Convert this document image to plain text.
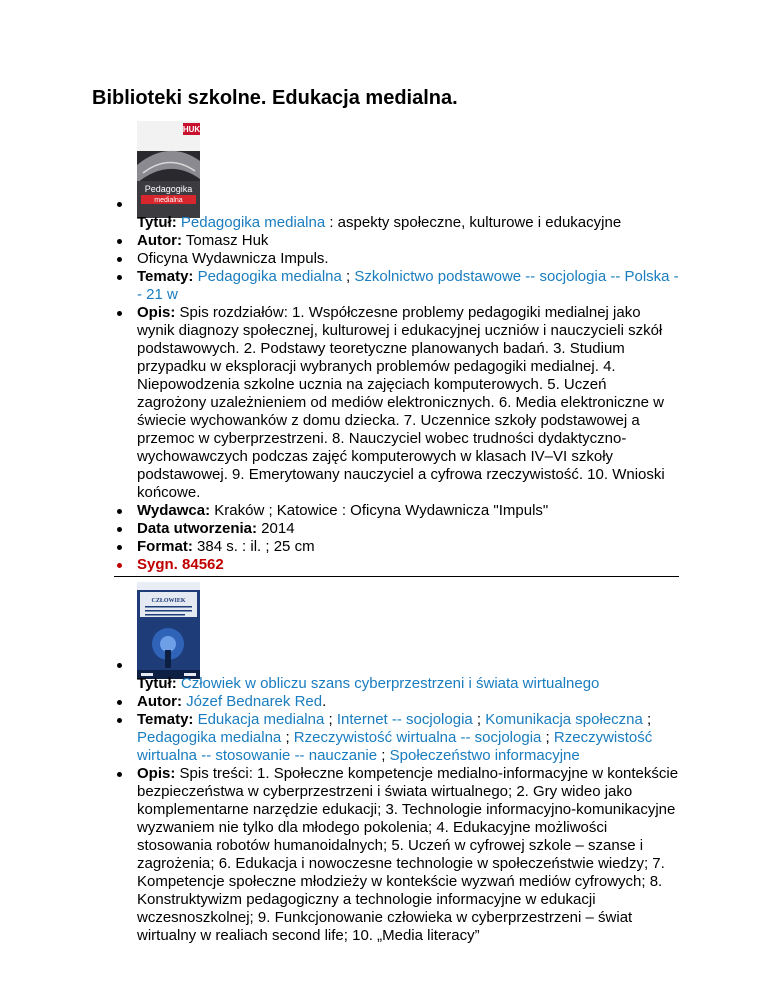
Biblioteki szkolne. Edukacja medialna.
HUK
Pedagogika
medialna
Tytuł: Pedagogika medialna : aspekty społeczne, kulturowe i edukacyjne
Autor: Tomasz Huk
Oficyna Wydawnicza Impuls.
Tematy: Pedagogika medialna ; Szkolnictwo podstawowe -- socjologia -- Polska -- 21 w
Opis: Spis rozdziałów: 1. Współczesne problemy pedagogiki medialnej jako wynik diagnozy społecznej, kulturowej i edukacyjnej uczniów i nauczycieli szkół podstawowych. 2. Podstawy teoretyczne planowanych badań. 3. Studium przypadku w eksploracji wybranych problemów pedagogiki medialnej. 4. Niepowodzenia szkolne ucznia na zajęciach komputerowych. 5. Uczeń zagrożony uzależnieniem od mediów elektronicznych. 6. Media elektroniczne w świecie wychowanków z domu dziecka. 7. Uczennice szkoły podstawowej a przemoc w cyberprzestrzeni. 8. Nauczyciel wobec trudności dydaktyczno-wychowawczych podczas zajęć komputerowych w klasach IV–VI szkoły podstawowej. 9. Emerytowany nauczyciel a cyfrowa rzeczywistość. 10. Wnioski końcowe.
Wydawca: Kraków ; Katowice : Oficyna Wydawnicza "Impuls"
Data utworzenia: 2014
Format: 384 s. : il. ; 25 cm
Sygn. 84562
CZŁOWIEK
Tytuł: Człowiek w obliczu szans cyberprzestrzeni i świata wirtualnego
Autor: Józef Bednarek Red.
Tematy: Edukacja medialna ; Internet -- socjologia ; Komunikacja społeczna ; Pedagogika medialna ; Rzeczywistość wirtualna -- socjologia ; Rzeczywistość wirtualna -- stosowanie -- nauczanie ; Społeczeństwo informacyjne
Opis: Spis treści: 1. Społeczne kompetencje medialno-informacyjne w kontekście bezpieczeństwa w cyberprzestrzeni i świata wirtualnego; 2. Gry wideo jako komplementarne narzędzie edukacji; 3. Technologie informacyjno-komunikacyjne wyzwaniem nie tylko dla młodego pokolenia; 4. Edukacyjne możliwości stosowania robotów humanoidalnych; 5. Uczeń w cyfrowej szkole – szanse i zagrożenia; 6. Edukacja i nowoczesne technologie w społeczeństwie wiedzy; 7. Kompetencje społeczne młodzieży w kontekście wyzwań mediów cyfrowych; 8. Konstruktywizm pedagogiczny a technologie informacyjne w edukacji wczesnoszkolnej; 9. Funkcjonowanie człowieka w cyberprzestrzeni – świat wirtualny w realiach second life; 10. „Media literacy”
